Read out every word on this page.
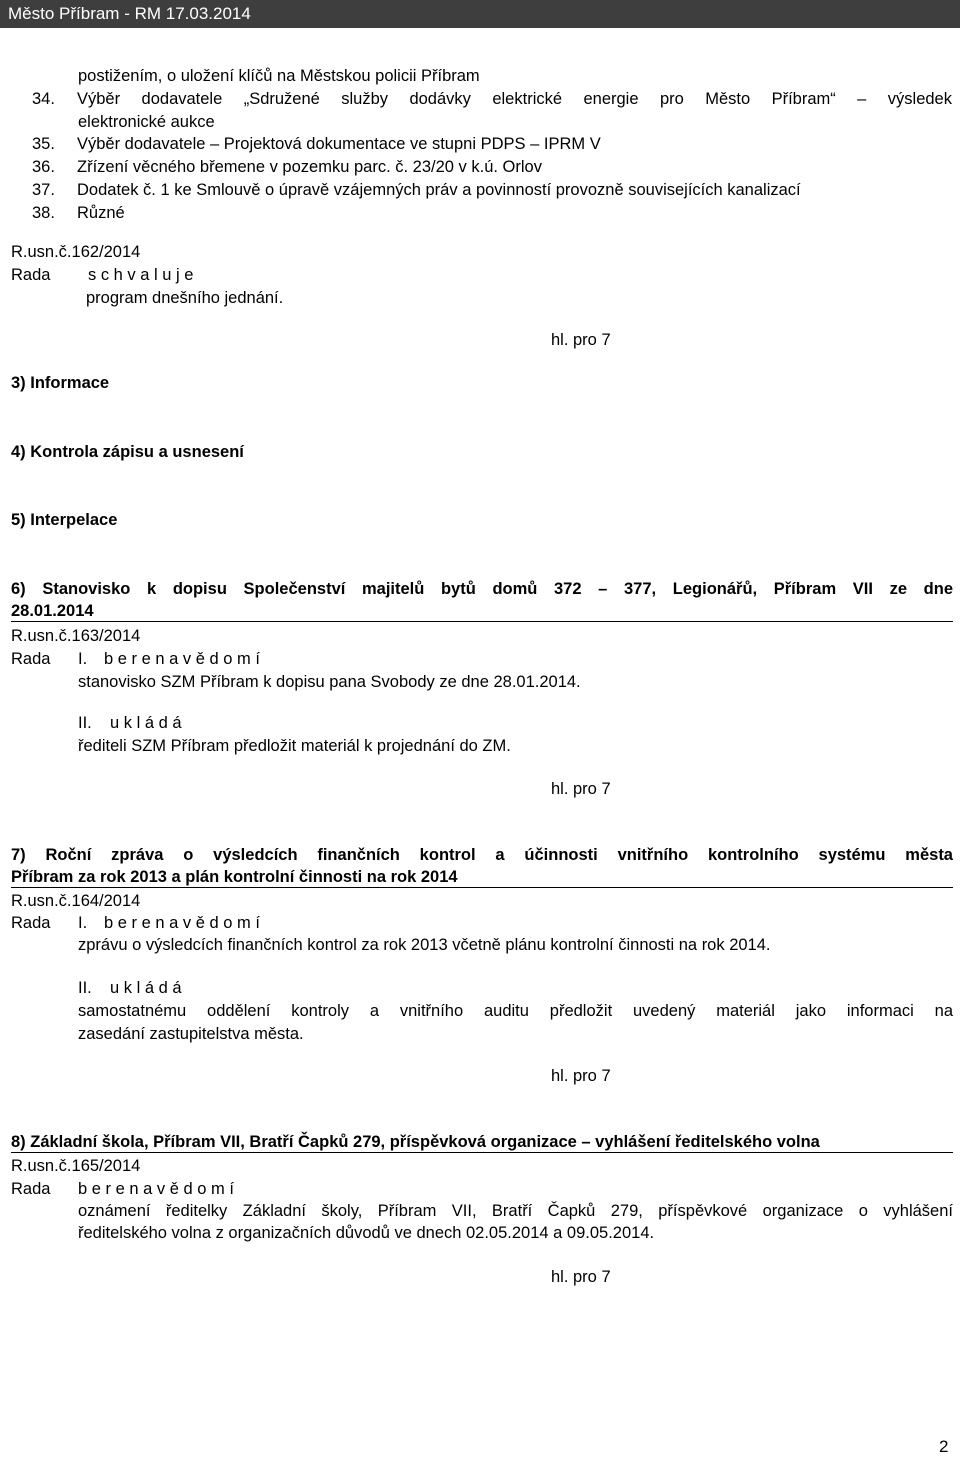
Město Příbram - RM 17.03.2014
postižením, o uložení klíčů na Městskou policii Příbram
34. Výběr dodavatele „Sdružené služby dodávky elektrické energie pro Město Příbram“ – výsledek
elektronické aukce
35. Výběr dodavatele – Projektová dokumentace ve stupni PDPS – IPRM V
36. Zřízení věcného břemene v pozemku parc. č. 23/20 v k.ú. Orlov
37. Dodatek č. 1 ke Smlouvě o úpravě vzájemných práv a povinností provozně souvisejících kanalizací
38. Různé
R.usn.č.162/2014
Rada s c h v a l u j e
program dnešního jednání.
hl. pro 7
3) Informace
4) Kontrola zápisu a usnesení
5) Interpelace
6) Stanovisko k dopisu Společenství majitelů bytů domů 372 – 377, Legionářů, Příbram VII ze dne
28.01.2014
R.usn.č.163/2014
Rada I. b e r e n a v ě d o m í
stanovisko SZM Příbram k dopisu pana Svobody ze dne 28.01.2014.
II. u k l á d á
řediteli SZM Příbram předložit materiál k projednání do ZM.
hl. pro 7
7) Roční zpráva o výsledcích finančních kontrol a účinnosti vnitřního kontrolního systému města
Příbram za rok 2013 a plán kontrolní činnosti na rok 2014
R.usn.č.164/2014
Rada I. b e r e n a v ě d o m í
zprávu o výsledcích finančních kontrol za rok 2013 včetně plánu kontrolní činnosti na rok 2014.
II. u k l á d á
samostatnému oddělení kontroly a vnitřního auditu předložit uvedený materiál jako informaci na
zasedání zastupitelstva města.
hl. pro 7
8) Základní škola, Příbram VII, Bratří Čapků 279, příspěvková organizace – vyhlášení ředitelského volna
R.usn.č.165/2014
Rada b e r e n a v ě d o m í
oznámení ředitelky Základní školy, Příbram VII, Bratří Čapků 279, příspěvkové organizace o vyhlášení
ředitelského volna z organizačních důvodů ve dnech 02.05.2014 a 09.05.2014.
hl. pro 7
2
